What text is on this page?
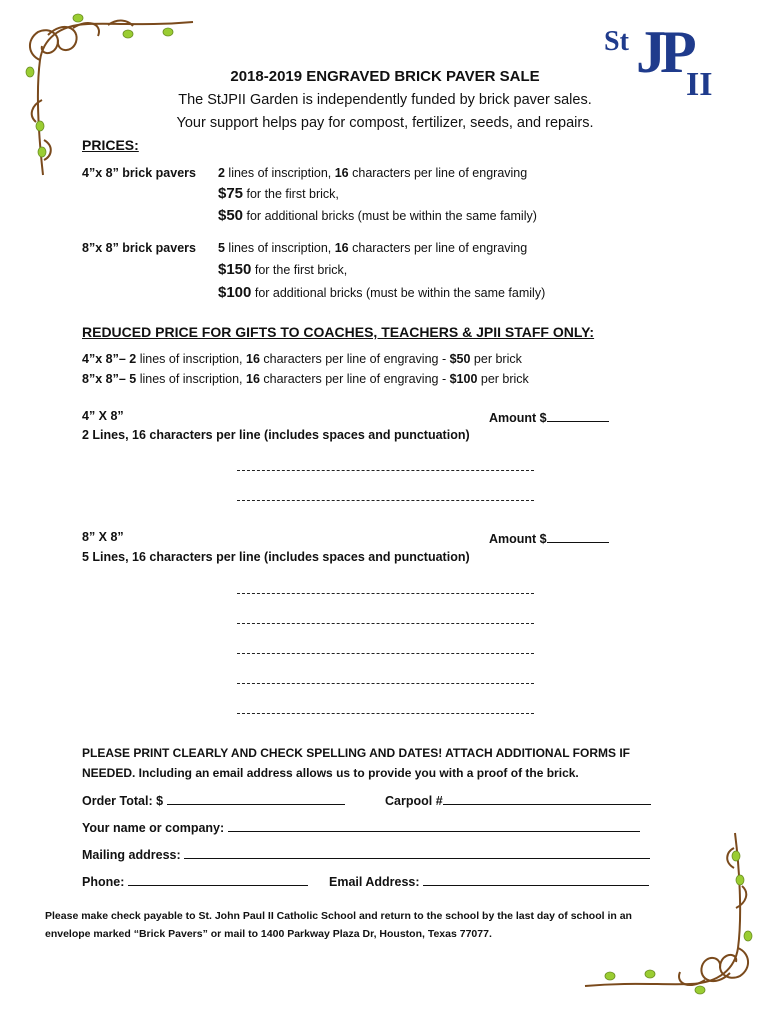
St JP
II
2018-2019 ENGRAVED BRICK PAVER SALE
The StJPII Garden is independently funded by brick paver sales.
Your support helps pay for compost, fertilizer, seeds, and repairs.
PRICES:
4”x 8” brick pavers 2 lines of inscription, 16 characters per line of engraving
$75 for the first brick,
$50 for additional bricks (must be within the same family)
8”x 8” brick pavers 5 lines of inscription, 16 characters per line of engraving
$150 for the first brick,
$100 for additional bricks (must be within the same family)
REDUCED PRICE FOR GIFTS TO COACHES, TEACHERS & JPII STAFF ONLY:
4”x 8”– 2 lines of inscription, 16 characters per line of engraving - $50 per brick
8”x 8”– 5 lines of inscription, 16 characters per line of engraving - $100 per brick
4” X 8”	Amount $
2 Lines, 16 characters per line (includes spaces and punctuation)
8” X 8”	Amount $
5 Lines, 16 characters per line (includes spaces and punctuation)
PLEASE PRINT CLEARLY AND CHECK SPELLING AND DATES! ATTACH ADDITIONAL FORMS IF
NEEDED. Including an email address allows us to provide you with a proof of the brick.
Order Total: $	Carpool #
Your name or company:
Mailing address:
Phone:	Email Address:
Please make check payable to St. John Paul II Catholic School and return to the school by the last day of school in an
envelope marked “Brick Pavers” or mail to 1400 Parkway Plaza Dr, Houston, Texas 77077.
